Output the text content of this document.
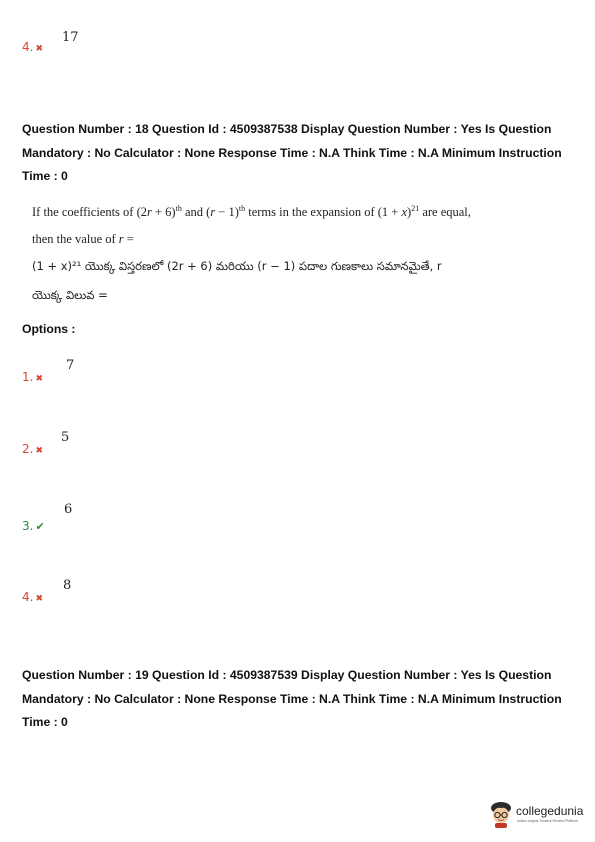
4. ✖
17
Question Number : 18 Question Id : 4509387538 Display Question Number : Yes Is Question Mandatory : No Calculator : None Response Time : N.A Think Time : N.A Minimum Instruction Time : 0
If the coefficients of $(2r + 6)^{th}$ and $(r - 1)^{th}$ terms in the expansion of $(1 + x)^{21}$ are equal,
then the value of r =
(1 + x)²¹ యొక్క విస్తరణలో (2r + 6) మరియు (r − 1) పదాల గుణకాలు సమానమైతే, r
యొక్క విలువ =
Options :
1. ✖
7
2. ✖
5
3. ✔
6
4. ✖
8
Question Number : 19 Question Id : 4509387539 Display Question Number : Yes Is Question Mandatory : No Calculator : None Response Time : N.A Think Time : N.A Minimum Instruction Time : 0
collegedunia
India's largest Student Review Platform
